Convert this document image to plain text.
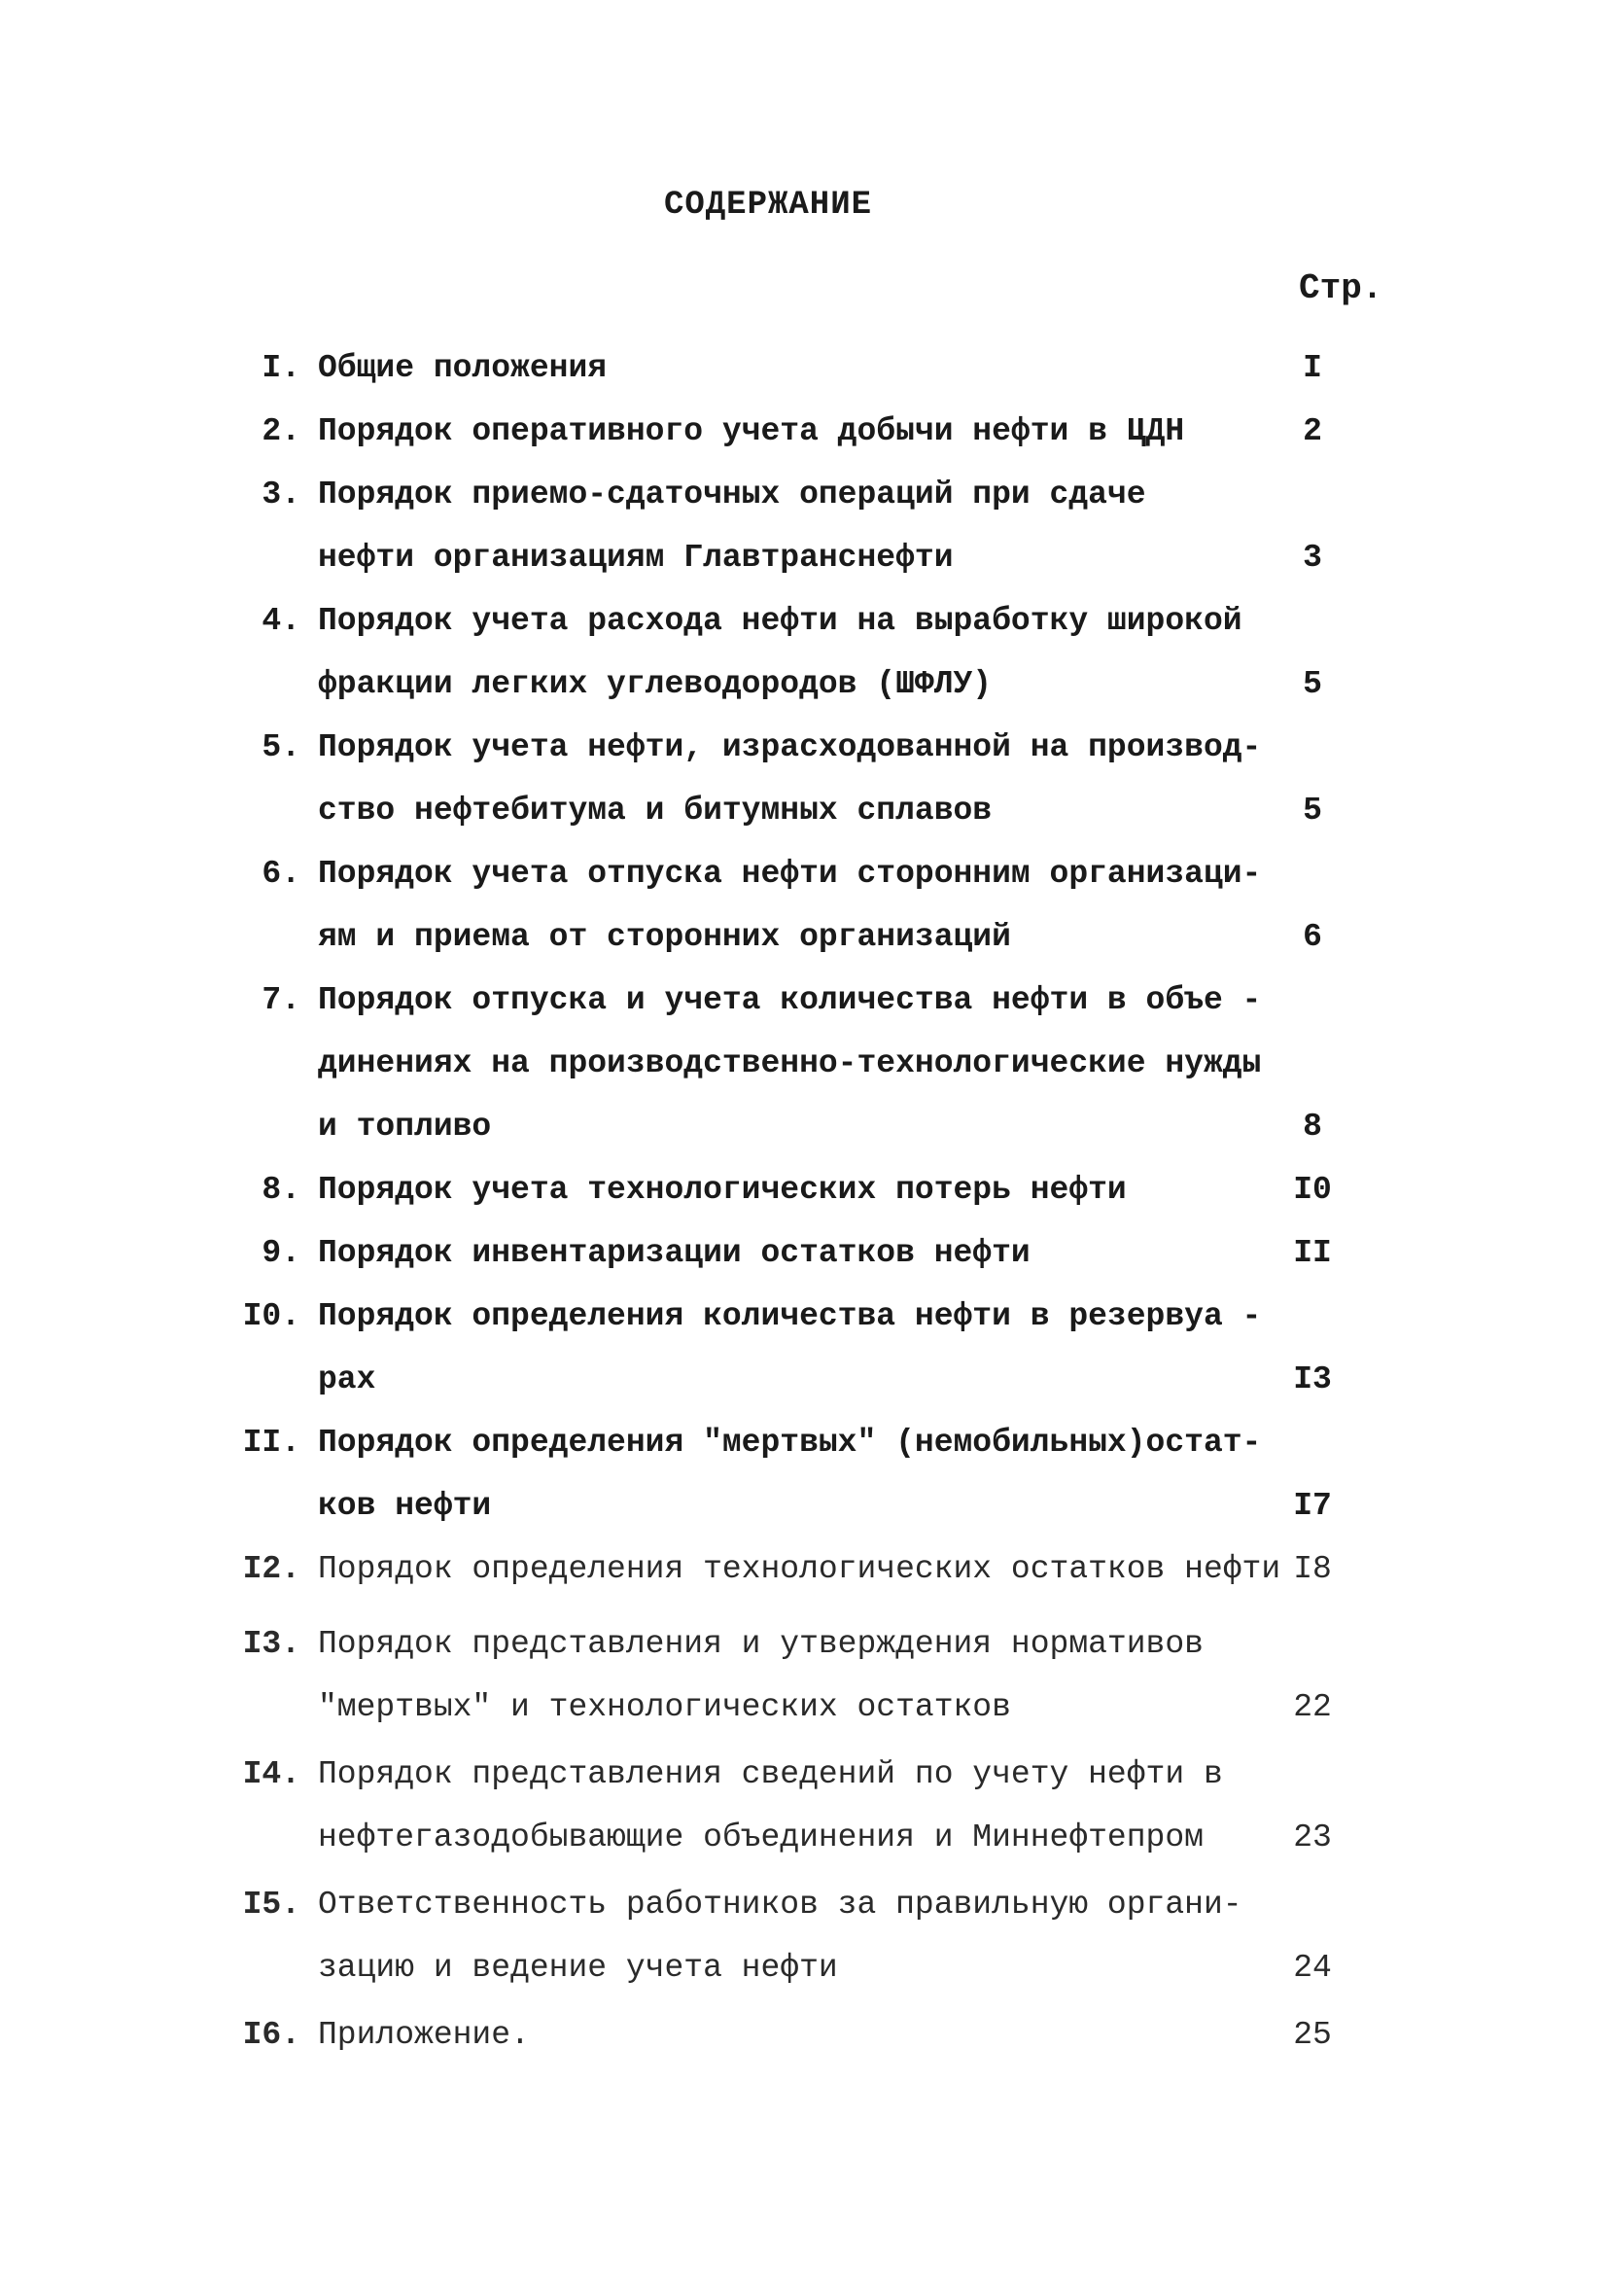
СОДЕРЖАНИЕ
Стр.
I. Общие положения	I
2. Порядок оперативного учета добычи нефти в ЦДН	2
3. Порядок приемо-сдаточных операций при сдаче
нефти организациям Главтранснефти	3
4. Порядок учета расхода нефти на выработку широкой
фракции легких углеводородов (ШФЛУ)	5
5. Порядок учета нефти, израсходованной на производ-
ство нефтебитума и битумных сплавов	5
6. Порядок учета отпуска нефти сторонним организаци-
ям и приема от сторонних организаций	6
7. Порядок отпуска и учета количества нефти в объе -
динениях на производственно-технологические нужды
и топливо	8
8. Порядок учета технологических потерь нефти	I0
9. Порядок инвентаризации остатков нефти	II
I0. Порядок определения количества нефти в резервуа -
рах	I3
II. Порядок определения "мертвых" (немобильных)остат-
ков нефти	I7
I2. Порядок определения технологических остатков нефти I8
I3. Порядок представления и утверждения нормативов
"мертвых" и технологических остатков	22
I4. Порядок представления сведений по учету нефти в
нефтегазодобывающие объединения и Миннефтепром	23
I5. Ответственность работников за правильную органи-
зацию и ведение учета нефти	24
I6. Приложение.	25
